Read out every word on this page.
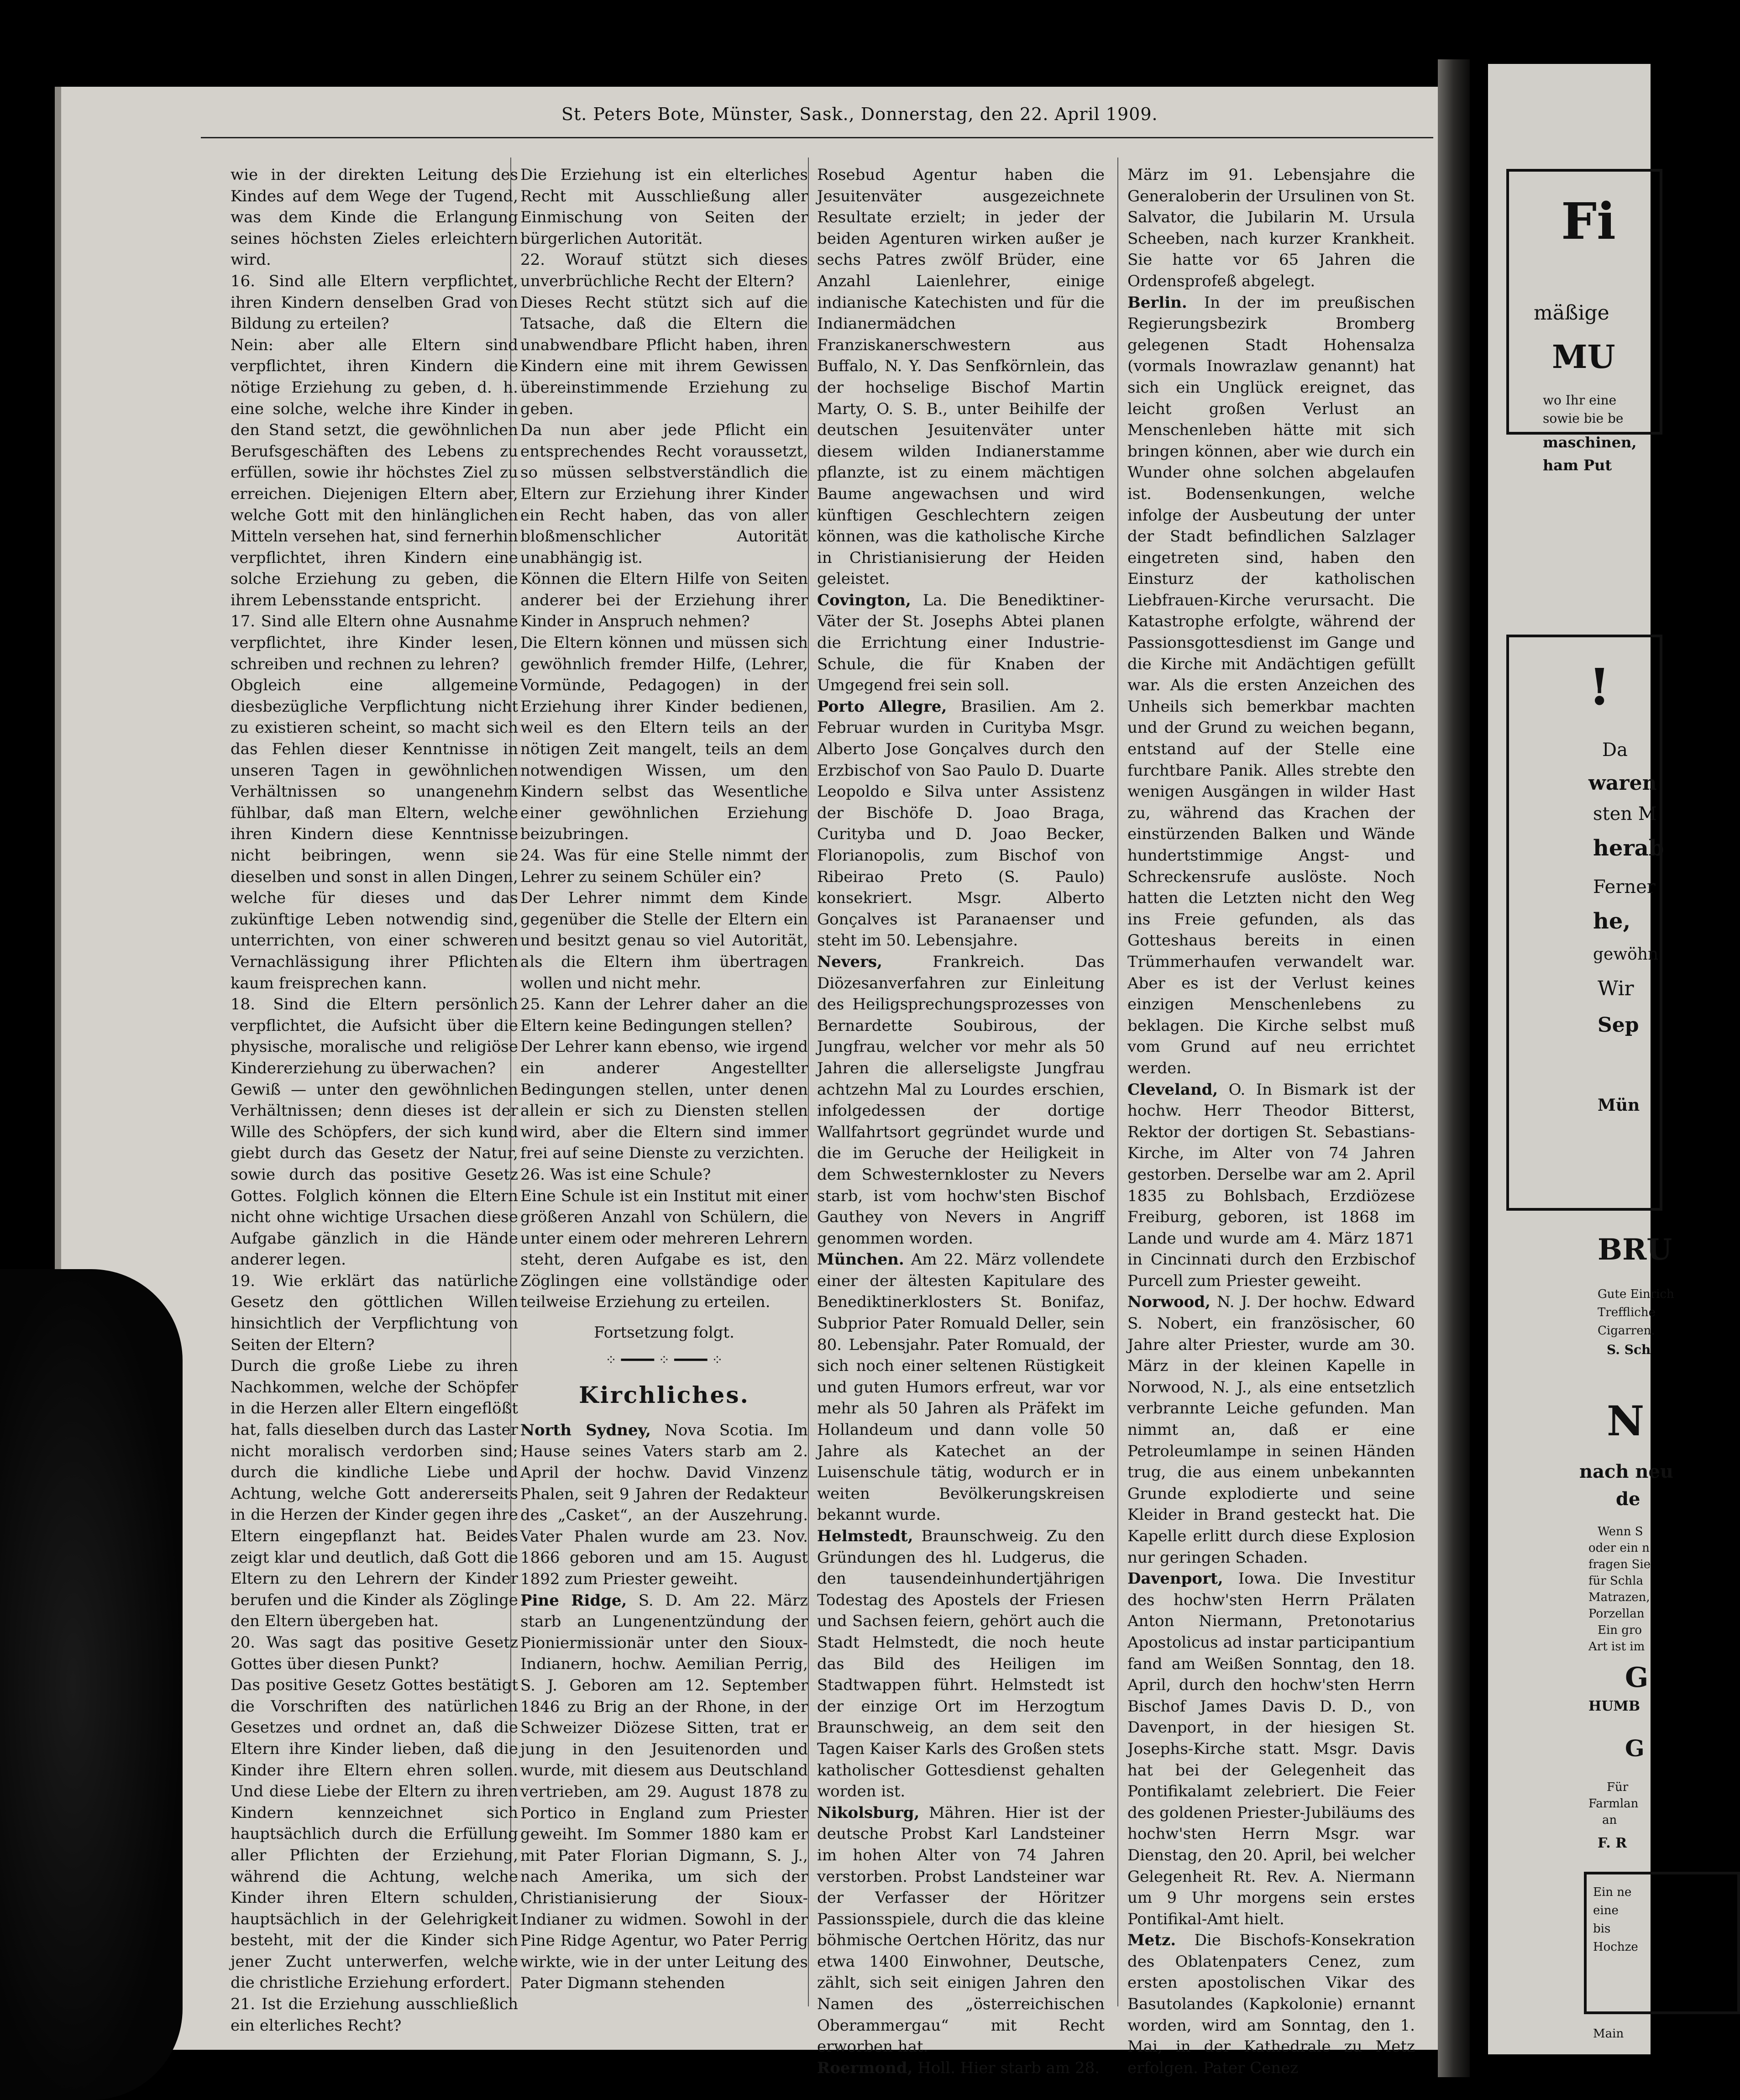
St. Peters Bote, Münster, Sask., Donnerstag, den 22. April 1909.

wie in der direkten Leitung des Kindes auf dem Wege der Tugend, was dem Kinde die Erlangung seines höchsten Zieles erleichtern wird.

16. Sind alle Eltern verpflichtet, ihren Kindern denselben Grad von Bildung zu erteilen?

Nein: aber alle Eltern sind verpflichtet, ihren Kindern die nötige Erziehung zu geben, d. h. eine solche, welche ihre Kinder in den Stand setzt, die gewöhnlichen Berufsgeschäften des Lebens zu erfüllen, sowie ihr höchstes Ziel zu erreichen. Diejenigen Eltern aber, welche Gott mit den hinlänglichen Mitteln versehen hat, sind fernerhin verpflichtet, ihren Kindern eine solche Erziehung zu geben, die ihrem Lebensstande entspricht.

17. Sind alle Eltern ohne Ausnahme verpflichtet, ihre Kinder lesen, schreiben und rechnen zu lehren?

Obgleich eine allgemeine diesbezügliche Verpflichtung nicht zu existieren scheint, so macht sich das Fehlen dieser Kenntnisse in unseren Tagen in gewöhnlichen Verhältnissen so unangenehm fühlbar, daß man Eltern, welche ihren Kindern diese Kenntnisse nicht beibringen, wenn sie dieselben und sonst in allen Dingen, welche für dieses und das zukünftige Leben notwendig sind, unterrichten, von einer schweren Vernachlässigung ihrer Pflichten kaum freisprechen kann.

18. Sind die Eltern persönlich verpflichtet, die Aufsicht über die physische, moralische und religiöse Kindererziehung zu überwachen?

Gewiß — unter den gewöhnlichen Verhältnissen; denn dieses ist der Wille des Schöpfers, der sich kund giebt durch das Gesetz der Natur, sowie durch das positive Gesetz Gottes. Folglich können die Eltern nicht ohne wichtige Ursachen diese Aufgabe gänzlich in die Hände anderer legen.

19. Wie erklärt das natürliche Gesetz den göttlichen Willen hinsichtlich der Verpflichtung von Seiten der Eltern?

Durch die große Liebe zu ihren Nachkommen, welche der Schöpfer in die Herzen aller Eltern eingeflößt hat, falls dieselben durch das Laster nicht moralisch verdorben sind; durch die kindliche Liebe und Achtung, welche Gott andererseits in die Herzen der Kinder gegen ihre Eltern eingepflanzt hat. Beides zeigt klar und deutlich, daß Gott die Eltern zu den Lehrern der Kinder berufen und die Kinder als Zöglinge den Eltern übergeben hat.

20. Was sagt das positive Gesetz Gottes über diesen Punkt?

Das positive Gesetz Gottes bestätigt die Vorschriften des natürlichen Gesetzes und ordnet an, daß die Eltern ihre Kinder lieben, daß die Kinder ihre Eltern ehren sollen. Und diese Liebe der Eltern zu ihren Kindern kennzeichnet sich hauptsächlich durch die Erfüllung aller Pflichten der Erziehung, während die Achtung, welche Kinder ihren Eltern schulden, hauptsächlich in der Gelehrigkeit besteht, mit der die Kinder sich jener Zucht unterwerfen, welche die christliche Erziehung erfordert.

21. Ist die Erziehung ausschließlich ein elterliches Recht?

Die Erziehung ist ein elterliches Recht mit Ausschließung aller Einmischung von Seiten der bürgerlichen Autorität.

22. Worauf stützt sich dieses unverbrüchliche Recht der Eltern?

Dieses Recht stützt sich auf die Tatsache, daß die Eltern die unabwendbare Pflicht haben, ihren Kindern eine mit ihrem Gewissen übereinstimmende Erziehung zu geben.

Da nun aber jede Pflicht ein entsprechendes Recht voraussetzt, so müssen selbstverständlich die Eltern zur Erziehung ihrer Kinder ein Recht haben, das von aller bloßmenschlicher Autorität unabhängig ist.

Können die Eltern Hilfe von Seiten anderer bei der Erziehung ihrer Kinder in Anspruch nehmen?

Die Eltern können und müssen sich gewöhnlich fremder Hilfe, (Lehrer, Vormünde, Pedagogen) in der Erziehung ihrer Kinder bedienen, weil es den Eltern teils an der nötigen Zeit mangelt, teils an dem notwendigen Wissen, um den Kindern selbst das Wesentliche einer gewöhnlichen Erziehung beizubringen.

24. Was für eine Stelle nimmt der Lehrer zu seinem Schüler ein?

Der Lehrer nimmt dem Kinde gegenüber die Stelle der Eltern ein und besitzt genau so viel Autorität, als die Eltern ihm übertragen wollen und nicht mehr.

25. Kann der Lehrer daher an die Eltern keine Bedingungen stellen?

Der Lehrer kann ebenso, wie irgend ein anderer Angestellter Bedingungen stellen, unter denen allein er sich zu Diensten stellen wird, aber die Eltern sind immer frei auf seine Dienste zu verzichten.

26. Was ist eine Schule?

Eine Schule ist ein Institut mit einer größeren Anzahl von Schülern, die unter einem oder mehreren Lehrern steht, deren Aufgabe es ist, den Zöglingen eine vollständige oder teilweise Erziehung zu erteilen.

Fortsetzung folgt.

⁘ ━━━━ ⁘ ━━━━ ⁘
Kirchliches.

North Sydney, Nova Scotia. Im Hause seines Vaters starb am 2. April der hochw. David Vinzenz Phalen, seit 9 Jahren der Redakteur des „Casket“, an der Auszehrung. Vater Phalen wurde am 23. Nov. 1866 geboren und am 15. August 1892 zum Priester geweiht.

Pine Ridge, S. D. Am 22. März starb an Lungenentzündung der Pioniermissionär unter den Sioux-Indianern, hochw. Aemilian Perrig, S. J. Geboren am 12. September 1846 zu Brig an der Rhone, in der Schweizer Diözese Sitten, trat er jung in den Jesuitenorden und wurde, mit diesem aus Deutschland vertrieben, am 29. August 1878 zu Portico in England zum Priester geweiht. Im Sommer 1880 kam er mit Pater Florian Digmann, S. J., nach Amerika, um sich der Christianisierung der Sioux-Indianer zu widmen. Sowohl in der Pine Ridge Agentur, wo Pater Perrig wirkte, wie in der unter Leitung des Pater Digmann stehenden

Rosebud Agentur haben die Jesuitenväter ausgezeichnete Resultate erzielt; in jeder der beiden Agenturen wirken außer je sechs Patres zwölf Brüder, eine Anzahl Laienlehrer, einige indianische Katechisten und für die Indianermädchen Franziskanerschwestern aus Buffalo, N. Y. Das Senfkörnlein, das der hochselige Bischof Martin Marty, O. S. B., unter Beihilfe der deutschen Jesuitenväter unter diesem wilden Indianerstamme pflanzte, ist zu einem mächtigen Baume angewachsen und wird künftigen Geschlechtern zeigen können, was die katholische Kirche in Christianisierung der Heiden geleistet.

Covington, La. Die Benediktiner-Väter der St. Josephs Abtei planen die Errichtung einer Industrie-Schule, die für Knaben der Umgegend frei sein soll.

Porto Allegre, Brasilien. Am 2. Februar wurden in Curityba Msgr. Alberto Jose Gonçalves durch den Erzbischof von Sao Paulo D. Duarte Leopoldo e Silva unter Assistenz der Bischöfe D. Joao Braga, Curityba und D. Joao Becker, Florianopolis, zum Bischof von Ribeirao Preto (S. Paulo) konsekriert. Msgr. Alberto Gonçalves ist Paranaenser und steht im 50. Lebensjahre.

Nevers,	Frankreich. Das Diözesanverfahren zur Einleitung des Heiligsprechungsprozesses von Bernardette Soubirous, der Jungfrau, welcher vor mehr als 50 Jahren die allerseligste Jungfrau achtzehn Mal zu Lourdes erschien, infolgedessen der dortige Wallfahrtsort gegründet wurde und die im Geruche der Heiligkeit in dem Schwesternkloster zu Nevers starb, ist vom hochw'sten Bischof Gauthey von Nevers in Angriff genommen worden.

München. Am 22. März vollendete einer der ältesten Kapitulare des Benediktinerklosters St. Bonifaz, Subprior Pater Romuald Deller, sein 80. Lebensjahr. Pater Romuald, der sich noch einer seltenen Rüstigkeit und guten Humors erfreut, war vor mehr als 50 Jahren als Präfekt im Hollandeum und dann volle 50 Jahre als Katechet an der Luisenschule tätig, wodurch er in weiten Bevölkerungskreisen bekannt wurde.

Helmstedt, Braunschweig. Zu den Gründungen des hl. Ludgerus, die den tausendeinhundertjährigen Todestag des Apostels der Friesen und Sachsen feiern, gehört auch die Stadt Helmstedt, die noch heute das Bild des Heiligen im Stadtwappen führt. Helmstedt ist der einzige Ort im Herzogtum Braunschweig, an dem seit den Tagen Kaiser Karls des Großen stets katholischer Gottesdienst gehalten worden ist.

Nikolsburg, Mähren. Hier ist der deutsche Probst Karl Landsteiner im hohen Alter von 74 Jahren verstorben. Probst Landsteiner war der Verfasser der Höritzer Passionsspiele, durch die das kleine böhmische Oertchen Höritz, das nur etwa 1400 Einwohner, Deutsche, zählt, sich seit einigen Jahren den Namen des „österreichischen Oberammergau“ mit Recht erworben hat.

Roermond, Holl. Hier starb am 28.

März im 91. Lebensjahre die Generaloberin der Ursulinen von St. Salvator, die Jubilarin M. Ursula Scheeben, nach kurzer Krankheit. Sie hatte vor 65 Jahren die Ordensprofeß abgelegt.

Berlin. In der im preußischen Regierungsbezirk Bromberg gelegenen Stadt Hohensalza (vormals Inowrazlaw genannt) hat sich ein Unglück ereignet, das leicht großen Verlust an Menschenleben hätte mit sich bringen können, aber wie durch ein Wunder ohne solchen abgelaufen ist. Bodensenkungen, welche infolge der Ausbeutung der unter der Stadt befindlichen Salzlager eingetreten sind, haben den Einsturz der katholischen Liebfrauen-Kirche verursacht. Die Katastrophe erfolgte, während der Passionsgottesdienst im Gange und die Kirche mit Andächtigen gefüllt war. Als die ersten Anzeichen des Unheils sich bemerkbar machten und der Grund zu weichen begann, entstand auf der Stelle eine furchtbare Panik. Alles strebte den wenigen Ausgängen in wilder Hast zu, während das Krachen der einstürzenden Balken und Wände hundertstimmige Angst- und Schreckensrufe auslöste. Noch hatten die Letzten nicht den Weg ins Freie gefunden, als das Gotteshaus bereits in einen Trümmerhaufen verwandelt war. Aber es ist der Verlust keines einzigen Menschenlebens zu beklagen. Die Kirche selbst muß vom Grund auf neu errichtet werden.

Cleveland, O. In Bismark ist der hochw. Herr Theodor Bitterst, Rektor der dortigen St. Sebastians-Kirche, im Alter von 74 Jahren gestorben. Derselbe war am 2. April 1835 zu Bohlsbach, Erzdiözese Freiburg, geboren, ist 1868 im Lande und wurde am 4. März 1871 in Cincinnati durch den Erzbischof Purcell zum Priester geweiht.

Norwood, N. J. Der hochw. Edward S. Nobert, ein französischer, 60 Jahre alter Priester, wurde am 30. März in der kleinen Kapelle in Norwood, N. J., als eine entsetzlich verbrannte Leiche gefunden. Man nimmt an, daß er eine Petroleumlampe in seinen Händen trug, die aus einem unbekannten Grunde explodierte und seine Kleider in Brand gesteckt hat. Die Kapelle erlitt durch diese Explosion nur geringen Schaden.

Davenport, Iowa. Die Investitur des hochw'sten Herrn Prälaten Anton Niermann, Pretonotarius Apostolicus ad instar participantium fand am Weißen Sonntag, den 18. April, durch den hochw'sten Herrn Bischof James Davis D. D., von Davenport, in der hiesigen St. Josephs-Kirche statt. Msgr. Davis hat bei der Gelegenheit das Pontifikalamt zelebriert. Die Feier des goldenen Priester-Jubiläums des hochw'sten Herrn Msgr. war Dienstag, den 20. April, bei welcher Gelegenheit Rt. Rev. A. Niermann um 9 Uhr morgens sein erstes Pontifikal-Amt hielt.

Metz. Die Bischofs-Konsekration des Oblatenpaters Cenez, zum ersten apostolischen Vikar des Basutolandes (Kapkolonie) ernannt worden, wird am Sonntag, den 1. Mai, in der Kathedrale zu Metz erfolgen. Pater Cenez

Fi
mäßige
MU
wo Ihr eine
sowie bie be
maschinen,
ham Put
!
Da
waren
sten M
herab
Ferner
he,
gewöhn
Wir
Sep
Mün
BRU
Gute Einrich
Treffliche
Cigarren.
S. Sch
N
nach neu
de
Wenn S
oder ein n
fragen Sie
für Schla
Matrazen,
Porzellan
Ein gro
Art ist im
G
HUMB
G
Für
Farmlan
an
F. R
Ein ne
eine
bis
Hochze
Main
